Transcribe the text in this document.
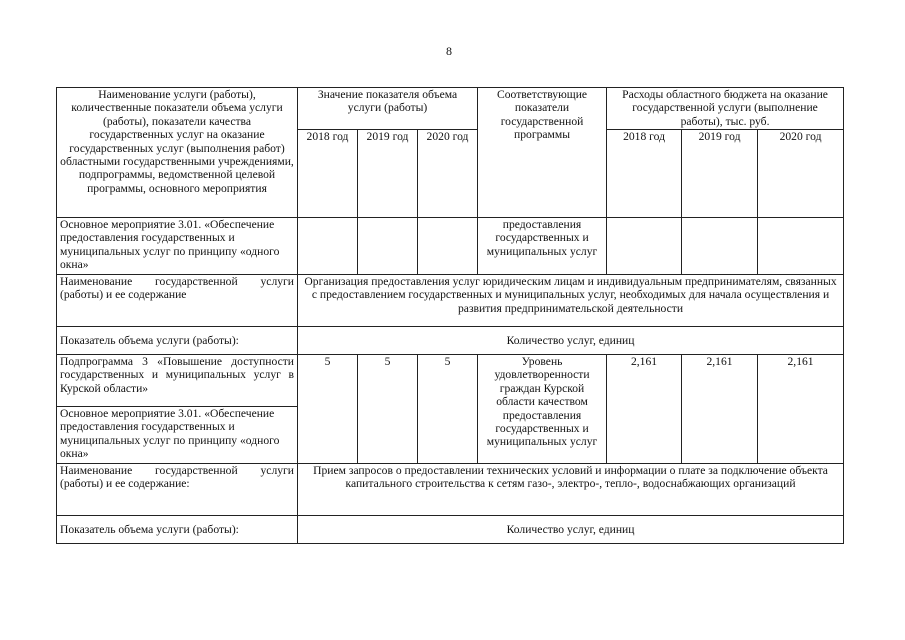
8
Наименование услуги (работы), количественные показатели объема услуги (работы), показатели качества государственных услуг на оказание государственных услуг (выполнения работ) областными государственными учреждениями, подпрограммы, ведомственной целевой программы, основного мероприятия	Значение показателя объема услуги (работы)			Соответствующие показатели государственной программы	Расходы областного бюджета на оказание государственной услуги (выполнение работы), тыс. руб.		
	2018 год	2019 год	2020 год		2018 год	2019 год	2020 год
Основное мероприятие 3.01. «Обеспечение предоставления государственных и муниципальных услуг по принципу «одного окна»				предоставления государственных и муниципальных услуг			
Наименование государственной услуги (работы) и ее содержание	Организация предоставления услуг юридическим лицам и индивидуальным предпринимателям, связанных с предоставлением государственных и муниципальных услуг, необходимых для начала осуществления и развития предпринимательской деятельности						
Показатель объема услуги (работы):	Количество услуг, единиц						
Подпрограмма 3 «Повышение доступности государственных и муниципальных услуг в Курской области»	5	5	5	Уровень удовлетворенности граждан Курской области качеством предоставления государственных и муниципальных услуг	2,161	2,161	2,161
Основное мероприятие 3.01. «Обеспечение предоставления государственных и муниципальных услуг по принципу «одного окна»							
Наименование государственной услуги (работы) и ее содержание:	Прием запросов о предоставлении технических условий и информации о плате за подключение объекта капитального строительства к сетям газо-, электро-, тепло-, водоснабжающих организаций						
Показатель объема услуги (работы):	Количество услуг, единиц						
